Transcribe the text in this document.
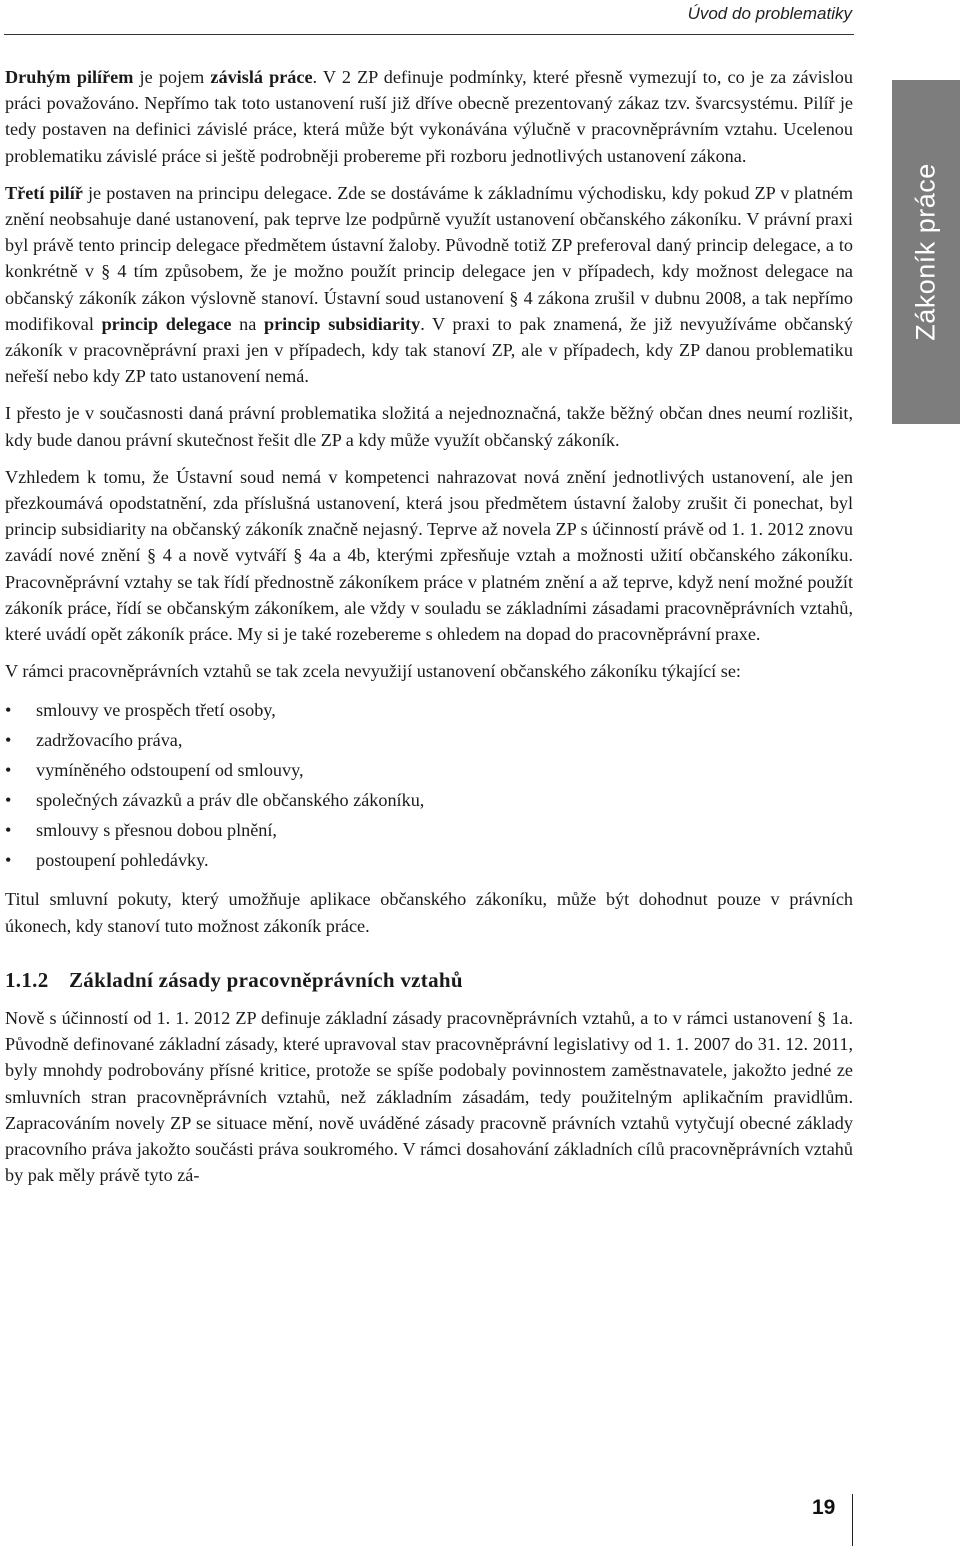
Úvod do problematiky
Zákoník práce

Druhým pilířem je pojem závislá práce. V 2 ZP definuje podmínky, které přesně vymezují to, co je za závislou práci považováno. Nepřímo tak toto ustanovení ruší již dříve obecně prezentovaný zákaz tzv. švarcsystému. Pilíř je tedy postaven na definici závislé práce, která může být vykonávána výlučně v pracovněprávním vztahu. Ucelenou problematiku závislé práce si ještě podrobněji probereme při rozboru jednotlivých ustanovení zákona.

Třetí pilíř je postaven na principu delegace. Zde se dostáváme k základnímu východisku, kdy pokud ZP v platném znění neobsahuje dané ustanovení, pak teprve lze podpůrně využít ustanovení občanského zákoníku. V právní praxi byl právě tento princip delegace předmětem ústavní žaloby. Původně totiž ZP preferoval daný princip delegace, a to konkrétně v § 4 tím způsobem, že je možno použít princip delegace jen v případech, kdy možnost delegace na občanský zákoník zákon výslovně stanoví. Ústavní soud ustanovení § 4 zákona zrušil v dubnu 2008, a tak nepřímo modifikoval princip delegace na princip subsidiarity. V praxi to pak znamená, že již nevyužíváme občanský zákoník v pracovněprávní praxi jen v případech, kdy tak stanoví ZP, ale v případech, kdy ZP danou problematiku neřeší nebo kdy ZP tato ustanovení nemá.

I přesto je v současnosti daná právní problematika složitá a nejednoznačná, takže běžný občan dnes neumí rozlišit, kdy bude danou právní skutečnost řešit dle ZP a kdy může využít občanský zákoník.

Vzhledem k tomu, že Ústavní soud nemá v kompetenci nahrazovat nová znění jednotlivých ustanovení, ale jen přezkoumává opodstatnění, zda příslušná ustanovení, která jsou předmětem ústavní žaloby zrušit či ponechat, byl princip subsidiarity na občanský zákoník značně nejasný. Teprve až novela ZP s účinností právě od 1. 1. 2012 znovu zavádí nové znění § 4 a nově vytváří § 4a a 4b, kterými zpřesňuje vztah a možnosti užití občanského zákoníku. Pracovněprávní vztahy se tak řídí přednostně zákoníkem práce v platném znění a až teprve, když není možné použít zákoník práce, řídí se občanským zákoníkem, ale vždy v souladu se základními zásadami pracovněprávních vztahů, které uvádí opět zákoník práce. My si je také rozebereme s ohledem na dopad do pracovněprávní praxe.

V rámci pracovněprávních vztahů se tak zcela nevyužijí ustanovení občanského zákoníku týkající se:

• smlouvy ve prospěch třetí osoby,
• zadržovacího práva,
• vymíněného odstoupení od smlouvy,
• společných závazků a práv dle občanského zákoníku,
• smlouvy s přesnou dobou plnění,
• postoupení pohledávky.

Titul smluvní pokuty, který umožňuje aplikace občanského zákoníku, může být dohodnut pouze v právních úkonech, kdy stanoví tuto možnost zákoník práce.

1.1.2 Základní zásady pracovněprávních vztahů

Nově s účinností od 1. 1. 2012 ZP definuje základní zásady pracovněprávních vztahů, a to v rámci ustanovení § 1a. Původně definované základní zásady, které upravoval stav pracovněprávní legislativy od 1. 1. 2007 do 31. 12. 2011, byly mnohdy podrobovány přísné kritice, protože se spíše podobaly povinnostem zaměstnavatele, jakožto jedné ze smluvních stran pracovněprávních vztahů, než základním zásadám, tedy použitelným aplikačním pravidlům. Zapracováním novely ZP se situace mění, nově uváděné zásady pracovně právních vztahů vytyčují obecné základy pracovního práva jakožto součásti práva soukromého. V rámci dosahování základních cílů pracovněprávních vztahů by pak měly právě tyto zá-

19
